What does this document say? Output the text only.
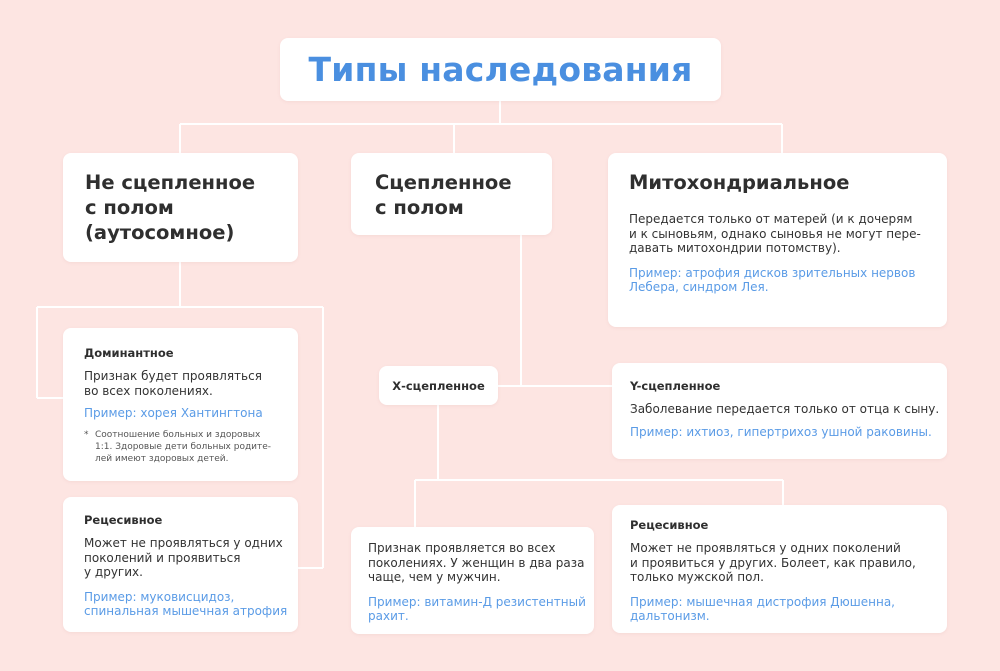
Типы наследования

Не сцепленное
с полом
(аутосомное)

Сцепленное
с полом

Митохондриальное

Передается только от матерей (и к дочерям
и к сыновьям, однако сыновья не могут пере-
давать митохондрии потомству).

Пример: атрофия дисков зрительных нервов
Лебера, синдром Лея.

Доминантное

Признак будет проявляться
во всех поколениях.

Пример: хорея Хантингтона

* Соотношение больных и здоровых
1:1. Здоровые дети больных родите-
лей имеют здоровых детей.

Рецесивное

Может не проявляться у одних
поколений и проявиться
у других.

Пример: муковисцидоз,
спинальная мышечная атрофия

Х-сцепленное	Y-сцепленное

Заболевание передается только от отца к сыну.

Пример: ихтиоз, гипертрихоз ушной раковины.

Признак проявляется во всех
поколениях. У женщин в два раза
чаще, чем у мужчин.

Пример: витамин-Д резистентный
рахит.

Рецесивное

Может не проявляться у одних поколений
и проявиться у других. Болеет, как правило,
только мужской пол.

Пример: мышечная дистрофия Дюшенна,
дальтонизм.
